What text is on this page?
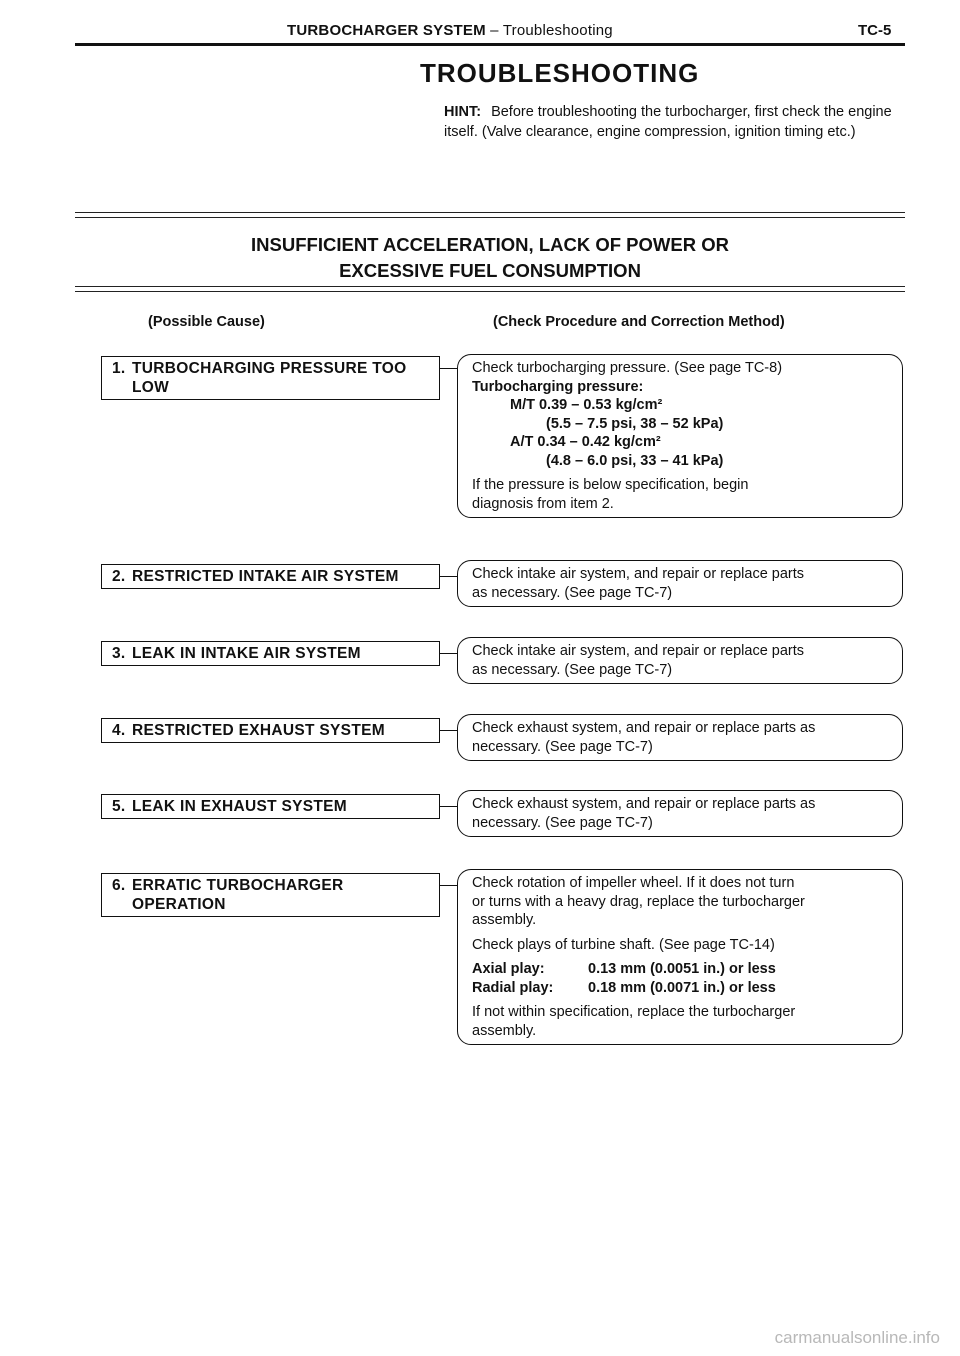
TURBOCHARGER SYSTEM – Troubleshooting	TC-5
TROUBLESHOOTING
HINT: Before troubleshooting the turbocharger, first check the engine itself. (Valve clearance, engine compression, ignition timing etc.)
INSUFFICIENT ACCELERATION, LACK OF POWER OR
EXCESSIVE FUEL CONSUMPTION
(Possible Cause)	(Check Procedure and Correction Method)
1. TURBOCHARGING PRESSURE TOO
LOW
Check turbocharging pressure. (See page TC-8)
Turbocharging pressure:
M/T 0.39 – 0.53 kg/cm²
(5.5 – 7.5 psi, 38 – 52 kPa)
A/T 0.34 – 0.42 kg/cm²
(4.8 – 6.0 psi, 33 – 41 kPa)
If the pressure is below specification, begin
diagnosis from item 2.
2. RESTRICTED INTAKE AIR SYSTEM	Check intake air system, and repair or replace parts
as necessary. (See page TC-7)
3. LEAK IN INTAKE AIR SYSTEM	Check intake air system, and repair or replace parts
as necessary. (See page TC-7)
4. RESTRICTED EXHAUST SYSTEM	Check exhaust system, and repair or replace parts as
necessary. (See page TC-7)
5. LEAK IN EXHAUST SYSTEM	Check exhaust system, and repair or replace parts as
necessary. (See page TC-7)
6. ERRATIC TURBOCHARGER
OPERATION
Check rotation of impeller wheel. If it does not turn
or turns with a heavy drag, replace the turbocharger
assembly.
Check plays of turbine shaft. (See page TC-14)
Axial play:	0.13 mm (0.0051 in.) or less
Radial play: 0.18 mm (0.0071 in.) or less
If not within specification, replace the turbocharger
assembly.
carmanualsonline.info
